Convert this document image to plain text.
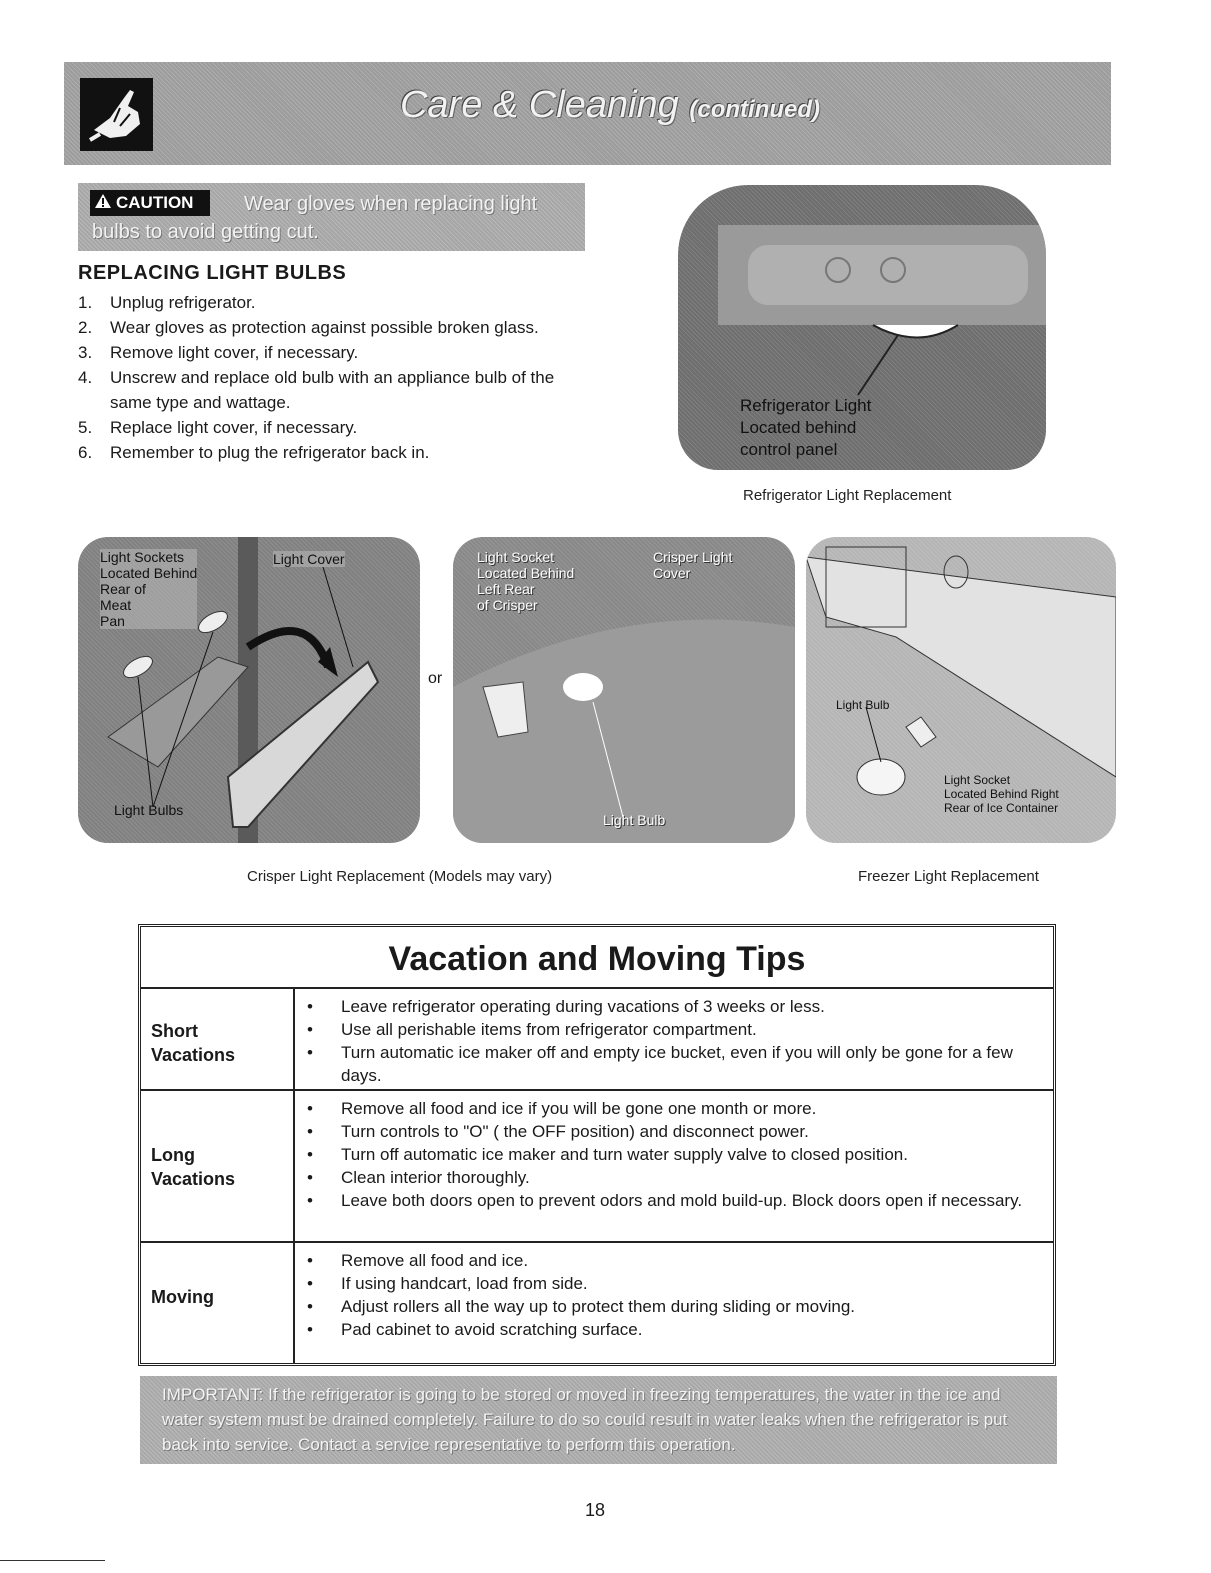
Care & Cleaning (continued)
Wear gloves when replacing light bulbs to avoid getting cut.
CAUTION
REPLACING LIGHT BULBS
1.	Unplug refrigerator.
2.	Wear gloves as protection against possible broken glass.
3.	Remove light cover, if necessary.
4.	Unscrew and replace old bulb with an appliance bulb of the same type and wattage.
5.	Replace light cover, if necessary.
6.	Remember to plug the refrigerator back in.
Refrigerator Light
Located behind
control panel
Refrigerator Light Replacement
Light Sockets
Located Behind
Rear of
Meat
Pan
Light Cover
Light Bulbs
or
Light Socket
Located Behind
Left Rear
of Crisper
Crisper Light
Cover
Light Bulb
Crisper Light Replacement (Models may vary)
Light Bulb
Light Socket
Located Behind Right
Rear of Ice Container
Freezer Light Replacement
Vacation and Moving Tips
Short
Vacations
• Leave refrigerator operating during vacations of 3 weeks or less.
• Use all perishable items from refrigerator compartment.
• Turn automatic ice maker off and empty ice bucket, even if you will only be gone for a few days.
Long
Vacations
• Remove all food and ice if you will be gone one month or more.
• Turn controls to "O" ( the OFF position) and disconnect power.
• Turn off automatic ice maker and turn water supply valve to closed position.
• Clean interior thoroughly.
• Leave both doors open to prevent odors and mold build-up. Block doors open if necessary.
Moving
• Remove all food and ice.
• If using handcart, load from side.
• Adjust rollers all the way up to protect them during sliding or moving.
• Pad cabinet to avoid scratching surface.
IMPORTANT: If the refrigerator is going to be stored or moved in freezing temperatures, the water in the ice and water system must be drained completely. Failure to do so could result in water leaks when the refrigerator is put back into service. Contact a service representative to perform this operation.
18
